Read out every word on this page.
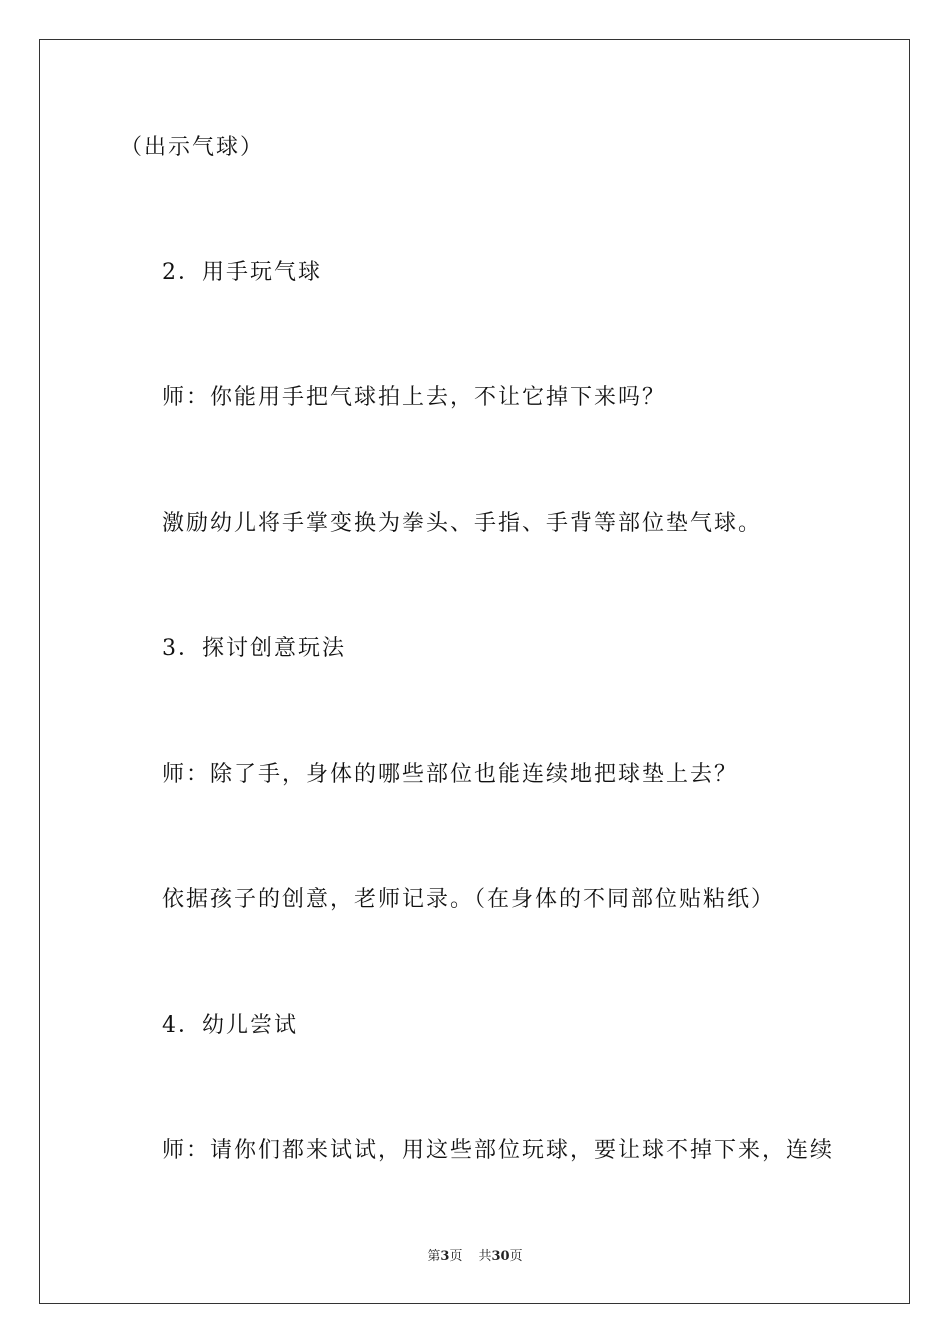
（出示气球）
2．用手玩气球
师：你能用手把气球拍上去，不让它掉下来吗？
激励幼儿将手掌变换为拳头、手指、手背等部位垫气球。
3．探讨创意玩法
师：除了手，身体的哪些部位也能连续地把球垫上去？
依据孩子的创意，老师记录。（在身体的不同部位贴粘纸）
4．幼儿尝试
师：请你们都来试试，用这些部位玩球，要让球不掉下来，连续
第3页 共30页
